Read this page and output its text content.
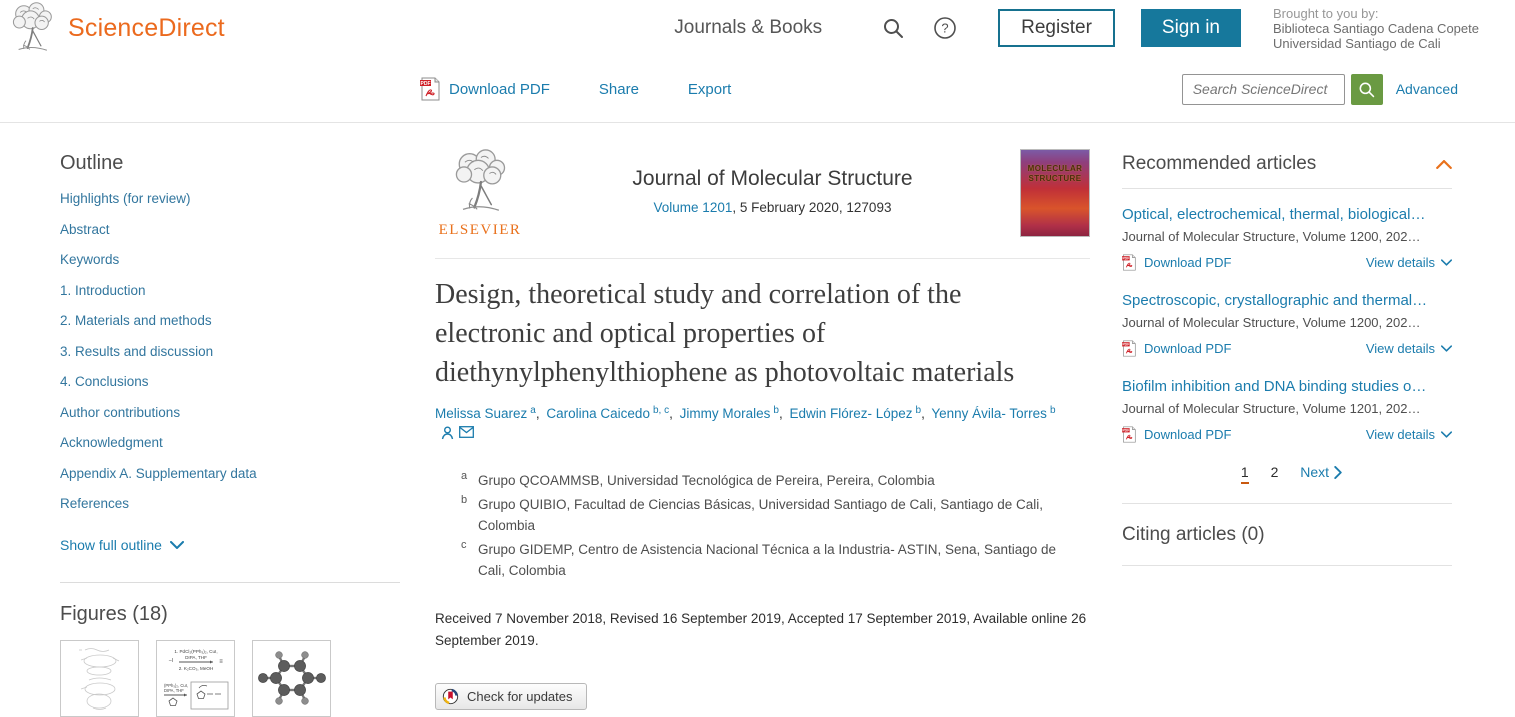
ScienceDirect	Journals & Books	?	Register	Sign in
Brought to you by:
Biblioteca Santiago Cadena Copete
Universidad Santiago de Cali
Download PDF	Share	Export
Search ScienceDirect	Advanced
Outline
Highlights (for review)
Abstract
Keywords
1. Introduction
2. Materials and methods
3. Results and discussion
4. Conclusions
Author contributions
Acknowledgment
Appendix A. Supplementary data
References
Show full outline
Figures (18)
1. PdCl₂(PPh₃)₂, CuI,
DIPA, THF
2. K₂CO₃, MeOH
–I	≡
(PPh₃)₂, CuI,
DIPA, THF
ELSEVIER
Journal of Molecular Structure
Volume 1201, 5 February 2020, 127093
MOLECULAR
STRUCTURE
Design, theoretical study and correlation of the electronic and optical properties of diethynylphenylthiophene as photovoltaic materials

Melissa Suarez $^a$, Carolina Caicedo $^{b, c}$, Jimmy Morales $^b$, Edwin Flórez- López $^b$, Yenny Ávila- Torres $^b$

a Grupo QCOAMMSB, Universidad Tecnológica de Pereira, Pereira, Colombia
b Grupo QUIBIO, Facultad de Ciencias Básicas, Universidad Santiago de Cali, Santiago de Cali, Colombia
c Grupo GIDEMP, Centro de Asistencia Nacional Técnica a la Industria- ASTIN, Sena, Santiago de Cali, Colombia

Received 7 November 2018, Revised 16 September 2019, Accepted 17 September 2019, Available online 26 September 2019.

Check for updates
Recommended articles
Optical, electrochemical, thermal, biological…
Journal of Molecular Structure, Volume 1200, 202…
Download PDF	View details
Spectroscopic, crystallographic and thermal…
Journal of Molecular Structure, Volume 1200, 202…
Download PDF	View details
Biofilm inhibition and DNA binding studies o…
Journal of Molecular Structure, Volume 1201, 202…
Download PDF	View details
1 2 Next
Citing articles (0)
